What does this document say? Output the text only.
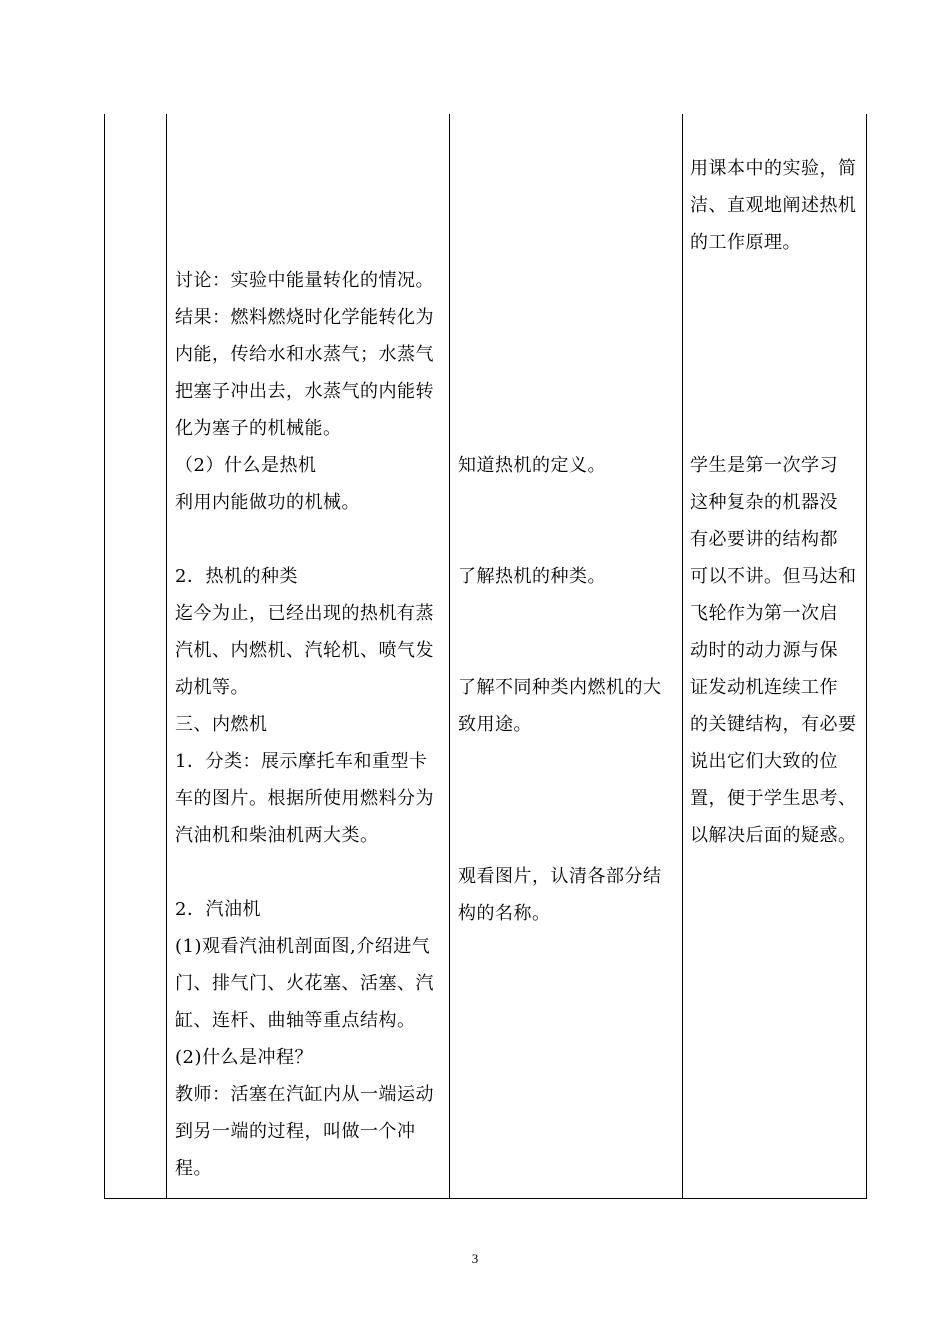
讨论：实验中能量转化的情况。
结果：燃料燃烧时化学能转化为
内能，传给水和水蒸气；水蒸气
把塞子冲出去，水蒸气的内能转
化为塞子的机械能。
（2）什么是热机
利用内能做功的机械。
2．热机的种类
迄今为止，已经出现的热机有蒸
汽机、内燃机、汽轮机、喷气发
动机等。
三、内燃机
1．分类：展示摩托车和重型卡
车的图片。根据所使用燃料分为
汽油机和柴油机两大类。
2．汽油机
(1)观看汽油机剖面图,介绍进气
门、排气门、火花塞、活塞、汽
缸、连杆、曲轴等重点结构。
(2)什么是冲程？
教师：活塞在汽缸内从一端运动
到另一端的过程，叫做一个冲
程。
知道热机的定义。
了解热机的种类。
了解不同种类内燃机的大
致用途。
观看图片，认清各部分结
构的名称。
用课本中的实验，简
洁、直观地阐述热机
的工作原理。
学生是第一次学习
这种复杂的机器没
有必要讲的结构都
可以不讲。但马达和
飞轮作为第一次启
动时的动力源与保
证发动机连续工作
的关键结构，有必要
说出它们大致的位
置，便于学生思考、
以解决后面的疑惑。
3
